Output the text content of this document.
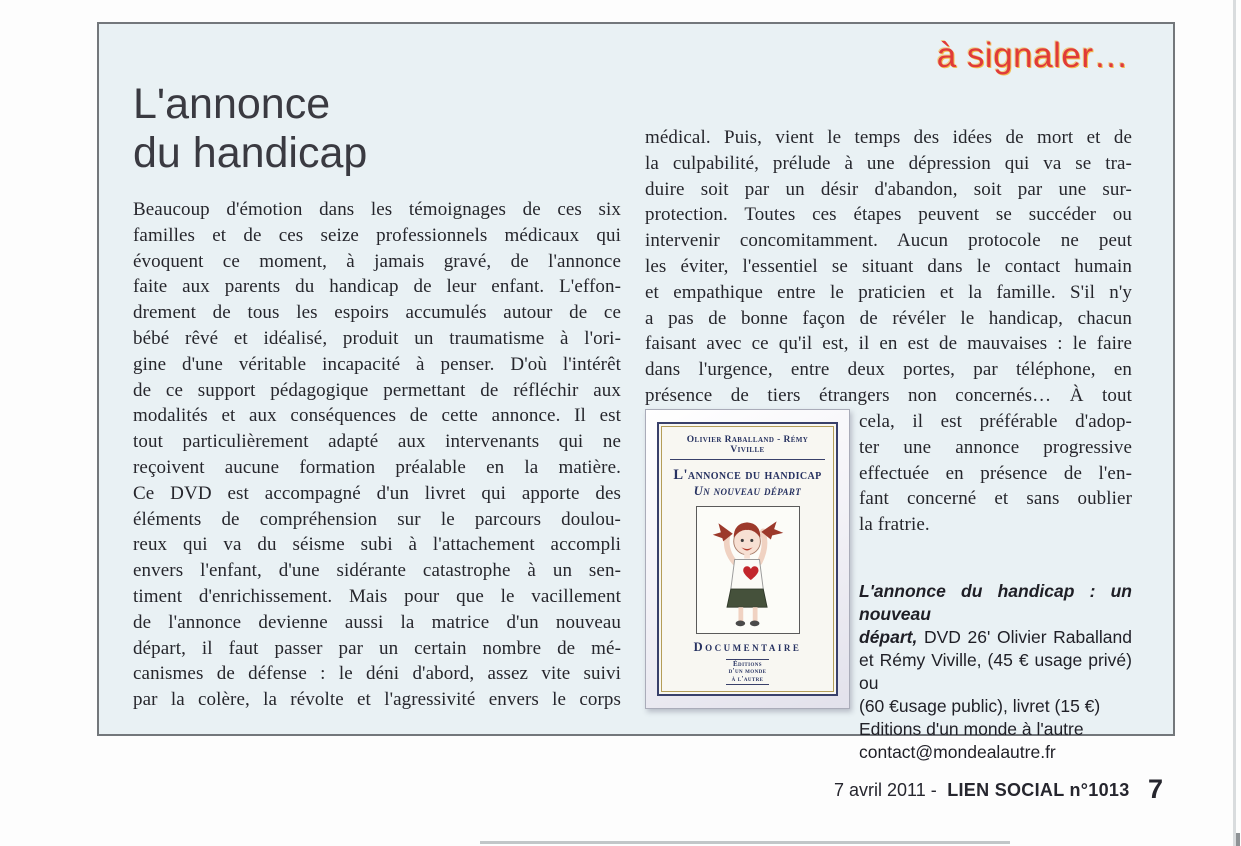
à signaler…
L'annonce
du handicap
Beaucoup d'émotion dans les témoignages de ces six
familles et de ces seize professionnels médicaux qui
évoquent ce moment, à jamais gravé, de l'annonce
faite aux parents du handicap de leur enfant. L'effon-
drement de tous les espoirs accumulés autour de ce
bébé rêvé et idéalisé, produit un traumatisme à l'ori-
gine d'une véritable incapacité à penser. D'où l'intérêt
de ce support pédagogique permettant de réfléchir aux
modalités et aux conséquences de cette annonce. Il est
tout particulièrement adapté aux intervenants qui ne
reçoivent aucune formation préalable en la matière.
Ce DVD est accompagné d'un livret qui apporte des
éléments de compréhension sur le parcours doulou-
reux qui va du séisme subi à l'attachement accompli
envers l'enfant, d'une sidérante catastrophe à un sen-
timent d'enrichissement. Mais pour que le vacillement
de l'annonce devienne aussi la matrice d'un nouveau
départ, il faut passer par un certain nombre de mé-
canismes de défense : le déni d'abord, assez vite suivi
par la colère, la révolte et l'agressivité envers le corps
médical. Puis, vient le temps des idées de mort et de
la culpabilité, prélude à une dépression qui va se tra-
duire soit par un désir d'abandon, soit par une sur-
protection. Toutes ces étapes peuvent se succéder ou
intervenir concomitamment. Aucun protocole ne peut
les éviter, l'essentiel se situant dans le contact humain
et empathique entre le praticien et la famille. S'il n'y
a pas de bonne façon de révéler le handicap, chacun
faisant avec ce qu'il est, il en est de mauvaises : le faire
dans l'urgence, entre deux portes, par téléphone, en
présence de tiers étrangers non concernés… À tout
Olivier Raballand - Rémy Viville
L'annonce du handicap
Un nouveau départ
Documentaire
Éditions
d'un monde
à l'autre
cela, il est préférable d'adop-
ter une annonce progressive
effectuée en présence de l'en-
fant concerné et sans oublier
la fratrie.
L'annonce du handicap : un nouveau
départ, DVD 26' Olivier Raballand
et Rémy Viville, (45 € usage privé) ou
(60 €usage public), livret (15 €)
Editions d'un monde à l'autre
contact@mondealautre.fr
7 avril 2011 - LIEN SOCIAL n°1013 7
